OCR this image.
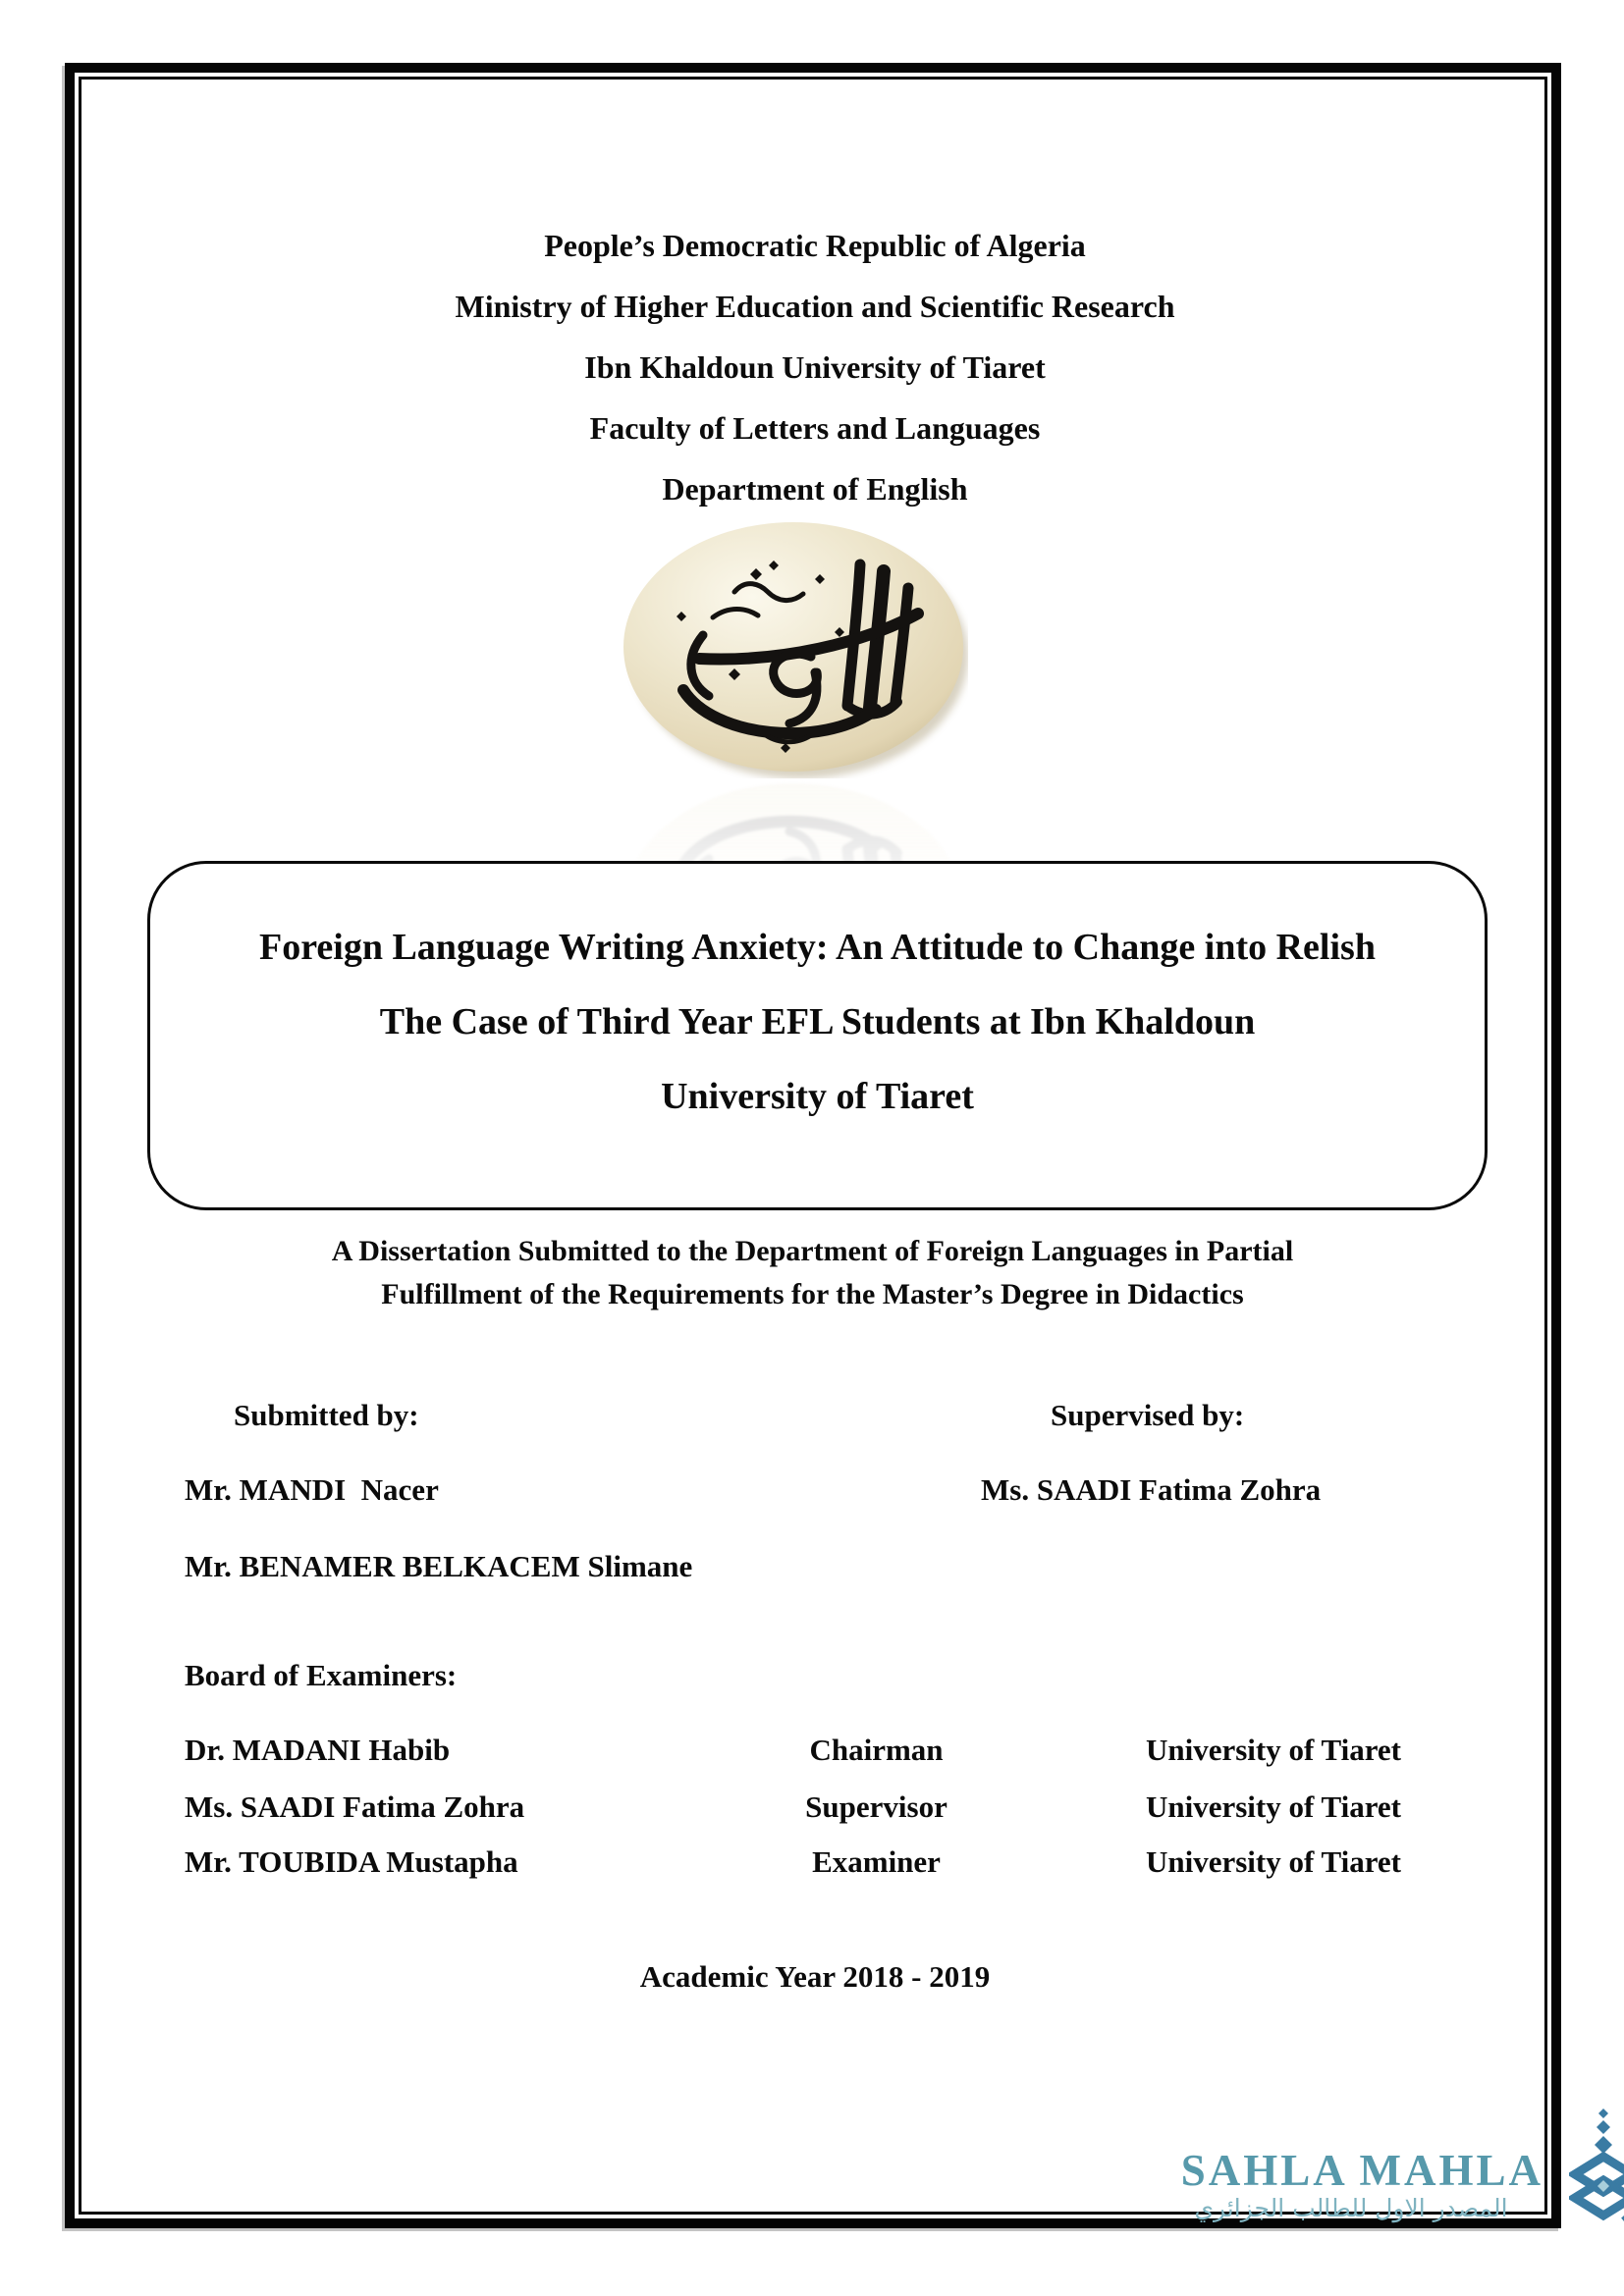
People’s Democratic Republic of Algeria
Ministry of Higher Education and Scientific Research
Ibn Khaldoun University of Tiaret
Faculty of Letters and Languages
Department of English
Foreign Language Writing Anxiety: An Attitude to Change into Relish
The Case of Third Year EFL Students at Ibn Khaldoun
University of Tiaret
A Dissertation Submitted to the Department of Foreign Languages in Partial
Fulfillment of the Requirements for the Master’s Degree in Didactics
Submitted by:	Supervised by:
Mr. MANDI  Nacer	Ms. SAADI Fatima Zohra
Mr. BENAMER BELKACEM Slimane
Board of Examiners:
Dr. MADANI Habib	Chairman	University of Tiaret
Ms. SAADI Fatima Zohra	Supervisor	University of Tiaret
Mr. TOUBIDA Mustapha	Examiner	University of Tiaret
Academic Year 2018 - 2019
SAHLA MAHLA
المصدر الاول للطالب الجزائري
